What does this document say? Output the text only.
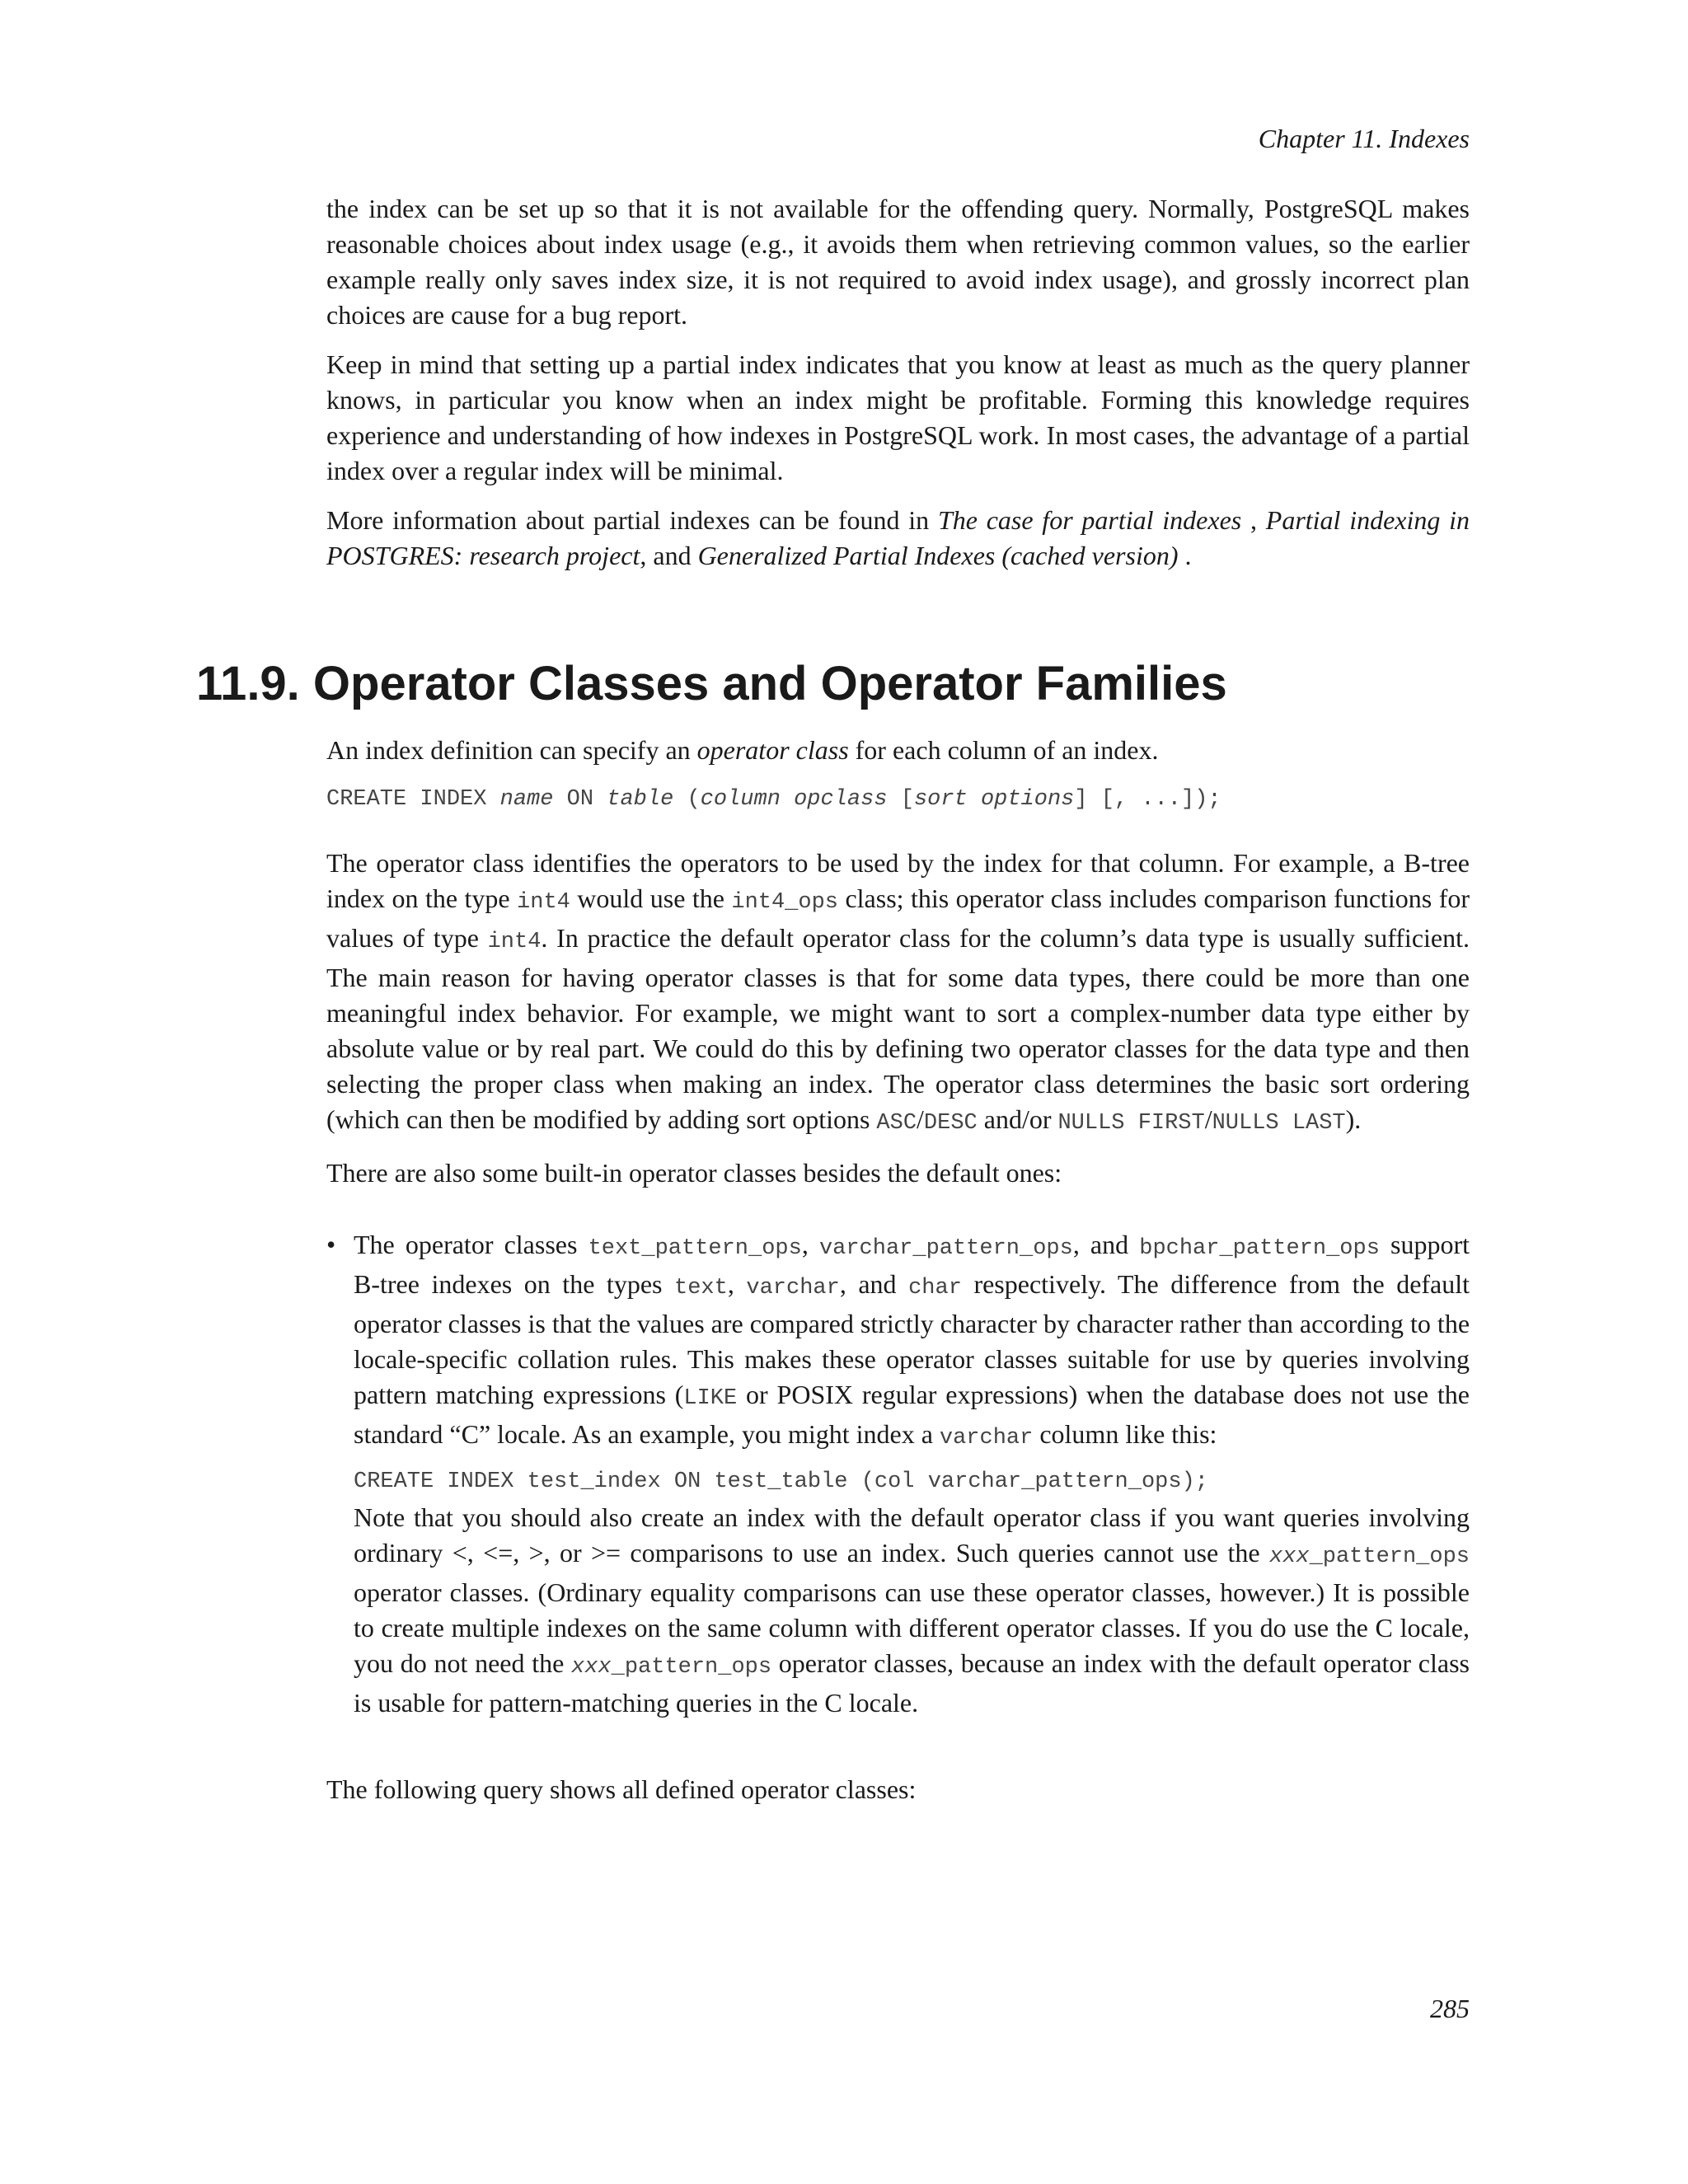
Chapter 11. Indexes

the index can be set up so that it is not available for the offending query. Normally, PostgreSQL makes reasonable choices about index usage (e.g., it avoids them when retrieving common values, so the earlier example really only saves index size, it is not required to avoid index usage), and grossly incorrect plan choices are cause for a bug report.

Keep in mind that setting up a partial index indicates that you know at least as much as the query planner knows, in particular you know when an index might be profitable. Forming this knowledge requires experience and understanding of how indexes in PostgreSQL work. In most cases, the advantage of a partial index over a regular index will be minimal.

More information about partial indexes can be found in The case for partial indexes , Partial indexing in POSTGRES: research project, and Generalized Partial Indexes (cached version) .

11.9. Operator Classes and Operator Families

An index definition can specify an operator class for each column of an index.

CREATE INDEX name ON table (column opclass [sort options] [, ...]);

The operator class identifies the operators to be used by the index for that column. For example, a B-tree index on the type int4 would use the int4_ops class; this operator class includes comparison functions for values of type int4. In practice the default operator class for the column’s data type is usually sufficient. The main reason for having operator classes is that for some data types, there could be more than one meaningful index behavior. For example, we might want to sort a complex-number data type either by absolute value or by real part. We could do this by defining two operator classes for the data type and then selecting the proper class when making an index. The operator class determines the basic sort ordering (which can then be modified by adding sort options ASC/DESC and/or NULLS FIRST/NULLS LAST).

There are also some built-in operator classes besides the default ones:

• The operator classes text_pattern_ops, varchar_pattern_ops, and bpchar_pattern_ops support B-tree indexes on the types text, varchar, and char respectively. The difference from the default operator classes is that the values are compared strictly character by character rather than according to the locale-specific collation rules. This makes these operator classes suitable for use by queries involving pattern matching expressions (LIKE or POSIX regular expressions) when the database does not use the standard “C” locale. As an example, you might index a varchar column like this:
CREATE INDEX test_index ON test_table (col varchar_pattern_ops);
Note that you should also create an index with the default operator class if you want queries involving ordinary <, <=, >, or >= comparisons to use an index. Such queries cannot use the xxx_pattern_ops operator classes. (Ordinary equality comparisons can use these operator classes, however.) It is possible to create multiple indexes on the same column with different operator classes. If you do use the C locale, you do not need the xxx_pattern_ops operator classes, because an index with the default operator class is usable for pattern-matching queries in the C locale.

The following query shows all defined operator classes:

285
